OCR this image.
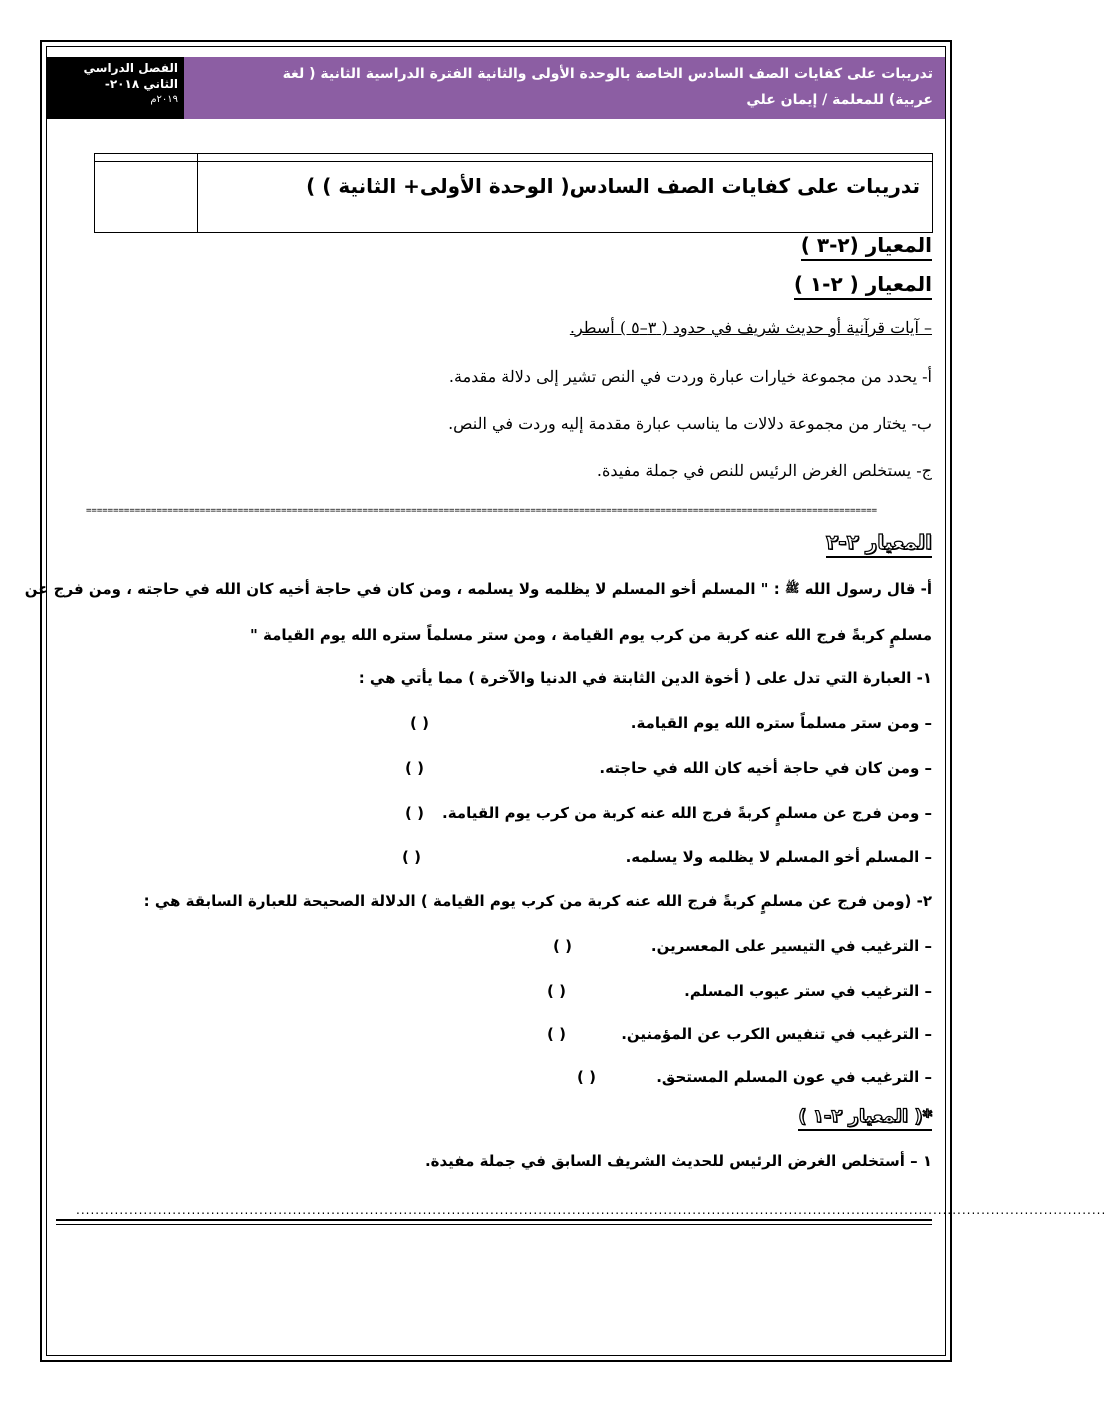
الفصل الدراسي
الثاني ٢٠١٨-
٢٠١٩م
تدريبات على كفايات الصف السادس الخاصة بالوحدة الأولى والثانية الفترة الدراسية الثانية ( لغة
عربية) للمعلمة / إيمان علي
تدريبات على كفايات الصف السادس( الوحدة الأولى+ الثانية ) )
المعيار (٢-٣ )
المعيار ( ٢-١ )
– آيات قرآنية أو حديث شريف في حدود ( ٣–٥ ) أسطر.
أ- يحدد من مجموعة خيارات عبارة وردت في النص تشير إلى دلالة مقدمة.
ب- يختار من مجموعة دلالات ما يناسب عبارة مقدمة إليه وردت في النص.
ج- يستخلص الغرض الرئيس للنص في جملة مفيدة.
==================================================================================================================================================
المعيار ٢-٢
أ- قال رسول الله ﷺ : " المسلم أخو المسلم لا يظلمه ولا يسلمه ، ومن كان في حاجة أخيه كان الله في حاجته ، ومن فرج عن
مسلمٍ كربةً فرج الله عنه كربة من كرب يوم القيامة ، ومن ستر مسلماً ستره الله يوم القيامة "
١- العبارة التي تدل على ( أخوة الدين الثابتة في الدنيا والآخرة ) مما يأتي هي :
– ومن ستر مسلماً ستره الله يوم القيامة.
( )
– ومن كان في حاجة أخيه كان الله في حاجته.
( )
– ومن فرج عن مسلمٍ كربةً فرج الله عنه كربة من كرب يوم القيامة.
( )
– المسلم أخو المسلم لا يظلمه ولا يسلمه.
( )
٢- (ومن فرج عن مسلمٍ كربةً فرج الله عنه كربة من كرب يوم القيامة ) الدلالة الصحيحة للعبارة السابقة هي :
– الترغيب في التيسير على المعسرين.
( )
– الترغيب في ستر عيوب المسلم.
( )
– الترغيب في تنفيس الكرب عن المؤمنين.
( )
– الترغيب في عون المسلم المستحق.
( )
*( المعيار ٢-١ )
١ – أستخلص الغرض الرئيس للحديث الشريف السابق في جملة مفيدة.
......................................................................................................................................................................................................................
